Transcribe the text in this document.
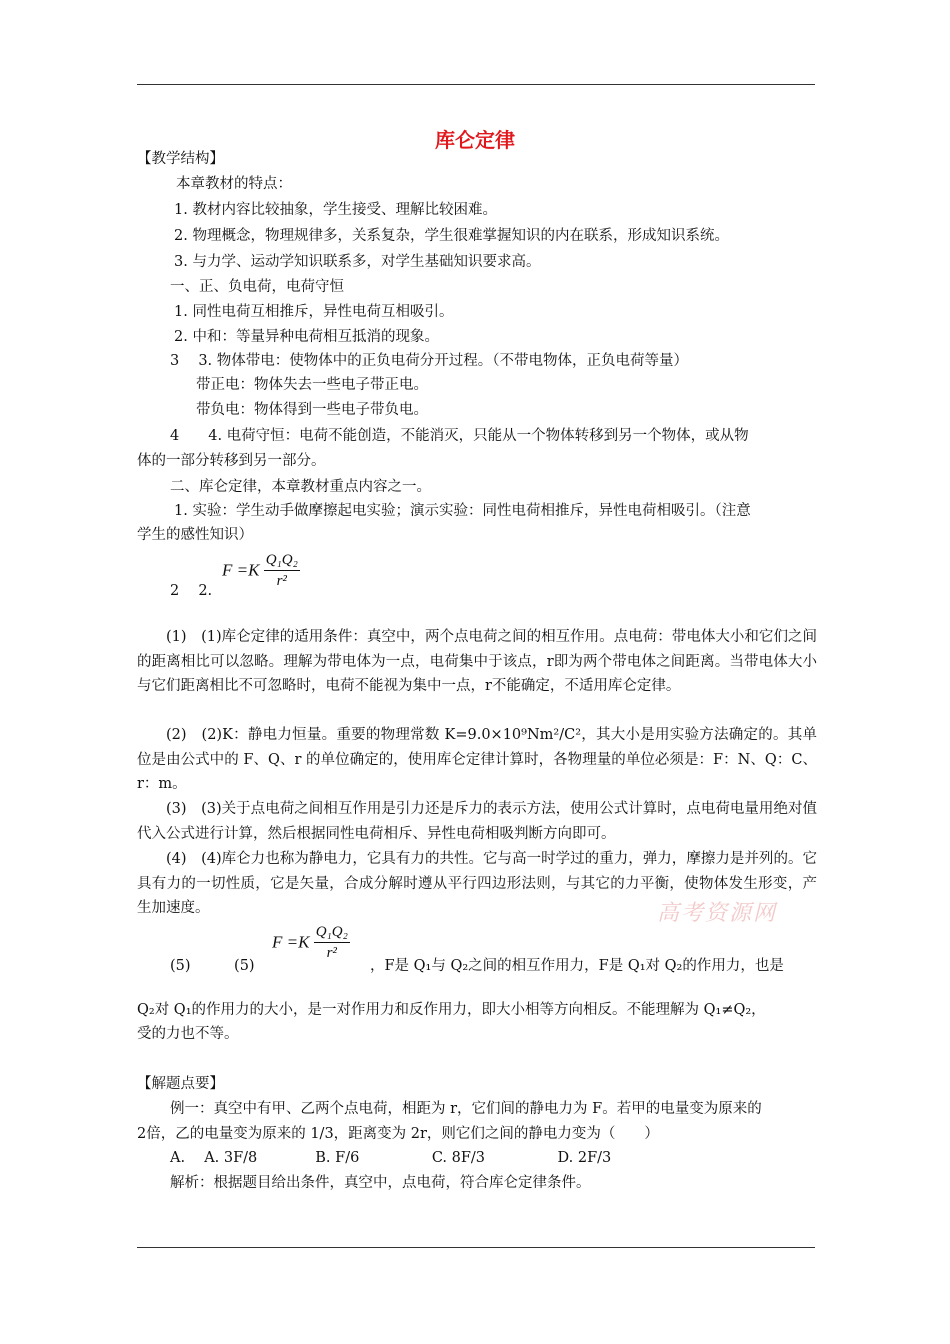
库仑定律
【教学结构】
本章教材的特点：
1. 教材内容比较抽象，学生接受、理解比较困难。
2. 物理概念，物理规律多，关系复杂，学生很难掌握知识的内在联系，形成知识系统。
3. 与力学、运动学知识联系多，对学生基础知识要求高。
一、正、负电荷，电荷守恒
1. 同性电荷互相推斥，异性电荷互相吸引。
2. 中和：等量异种电荷相互抵消的现象。
3　 3. 物体带电：使物体中的正负电荷分开过程。（不带电物体，正负电荷等量）
带正电：物体失去一些电子带正电。
带负电：物体得到一些电子带负电。
4　　4. 电荷守恒：电荷不能创造，不能消灭，只能从一个物体转移到另一个物体，或从物
体的一部分转移到另一部分。
二、库仑定律，本章教材重点内容之一。
1. 实验：学生动手做摩擦起电实验；演示实验：同性电荷相推斥，异性电荷相吸引。（注意
学生的感性知识）
$F =K \frac{\text{Q₁Q₂}}{\text{r²}}$
2　 2.
(1)　(1)库仑定律的适用条件：真空中，两个点电荷之间的相互作用。点电荷：带电体大小和它们之间的距离相比可以忽略。理解为带电体为一点，电荷集中于该点，r即为两个带电体之间距离。当带电体大小与它们距离相比不可忽略时，电荷不能视为集中一点，r不能确定，不适用库仑定律。
(2)　(2)K：静电力恒量。重要的物理常数 K=9.0×10⁹Nm²/C²，其大小是用实验方法确定的。其单位是由公式中的 F、Q、r 的单位确定的，使用库仑定律计算时，各物理量的单位必须是：F：N、Q：C、r：m。
(3)　(3)关于点电荷之间相互作用是引力还是斥力的表示方法，使用公式计算时，点电荷电量用绝对值代入公式进行计算，然后根据同性电荷相斥、异性电荷相吸判断方向即可。
(4)　(4)库仑力也称为静电力，它具有力的共性。它与高一时学过的重力，弹力，摩擦力是并列的。它具有力的一切性质，它是矢量，合成分解时遵从平行四边形法则，与其它的力平衡，使物体发生形变，产生加速度。	高考资源网
$F =K \frac{\text{Q₁Q₂}}{\text{r²}}$
(5)　　　(5)	，F是 Q₁与 Q₂之间的相互作用力，F是 Q₁对 Q₂的作用力，也是
Q₂对 Q₁的作用力的大小，是一对作用力和反作用力，即大小相等方向相反。不能理解为 Q₁≠Q₂，
受的力也不等。
【解题点要】
例一：真空中有甲、乙两个点电荷，相距为 r，它们间的静电力为 F。若甲的电量变为原来的
2倍，乙的电量变为原来的 1/3，距离变为 2r，则它们之间的静电力变为（　　）
A.　 A. 3F/8　　　　B. F/6　　　　　C. 8F/3　　　　　D. 2F/3
解析：根据题目给出条件，真空中，点电荷，符合库仑定律条件。
